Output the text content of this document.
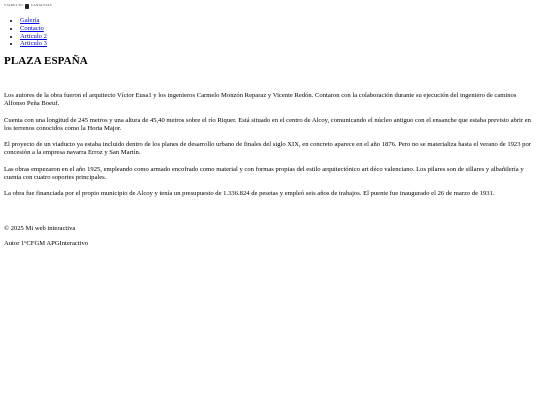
VIADUCTO	CANALEJAS
• Galería
• Contacto
• Articulo 2
• Articulo 3
PLAZA ESPAÑA

Los autores de la obra fueron el arquitecto Víctor Eusa1 y los ingenieros Carmelo Monzón Reparaz y Vicente Redón. Contaron con la colaboración durante su ejecución del ingeniero de caminos Alfonso Peña Boeuf.

Cuenta con una longitud de 245 metros y una altura de 45,40 metros sobre el río Riquer. Está situado en el centro de Alcoy, comunicando el núcleo antiguo con el ensanche que estaba previsto abrir en los terrenos conocidos como la Horta Major.

El proyecto de un viaducto ya estaba incluido dentro de los planes de desarrollo urbano de finales del siglo XIX, en concreto aparece en el año 1876. Pero no se materializa hasta el verano de 1923 por concesión a la empresa navarra Erroz y San Martín.

Las obras empezaron en el año 1925, empleando como armado encofrado como material y con formas propias del estilo arquitectónico art déco valenciano. Los pilares son de sillares y albañilería y cuenta con cuatro soportes principales.

La obra fue financiada por el propio municipio de Alcoy y tenía un presupuesto de 1.336.824 de pesetas y empleó seis años de trabajos. El puente fue inaugurado el 26 de marzo de 1931.

© 2025 Mi web interactiva

Autor 1ºCFGM APGInteractivo
